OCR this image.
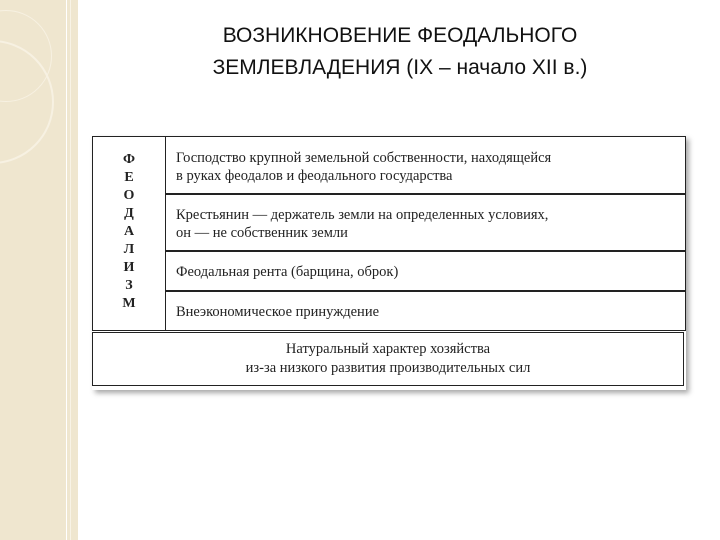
ВОЗНИКНОВЕНИЕ ФЕОДАЛЬНОГО
ЗЕМЛЕВЛАДЕНИЯ (IX – начало XII в.)
Ф
Е
О
Д
А
Л
И
З
М
Господство крупной земельной собственности, находящейся
в руках феодалов и феодального государства
Крестьянин — держатель земли на определенных условиях,
он — не собственник земли
Феодальная рента (барщина, оброк)
Внеэкономическое принуждение
Натуральный характер хозяйства
из-за низкого развития производительных сил
